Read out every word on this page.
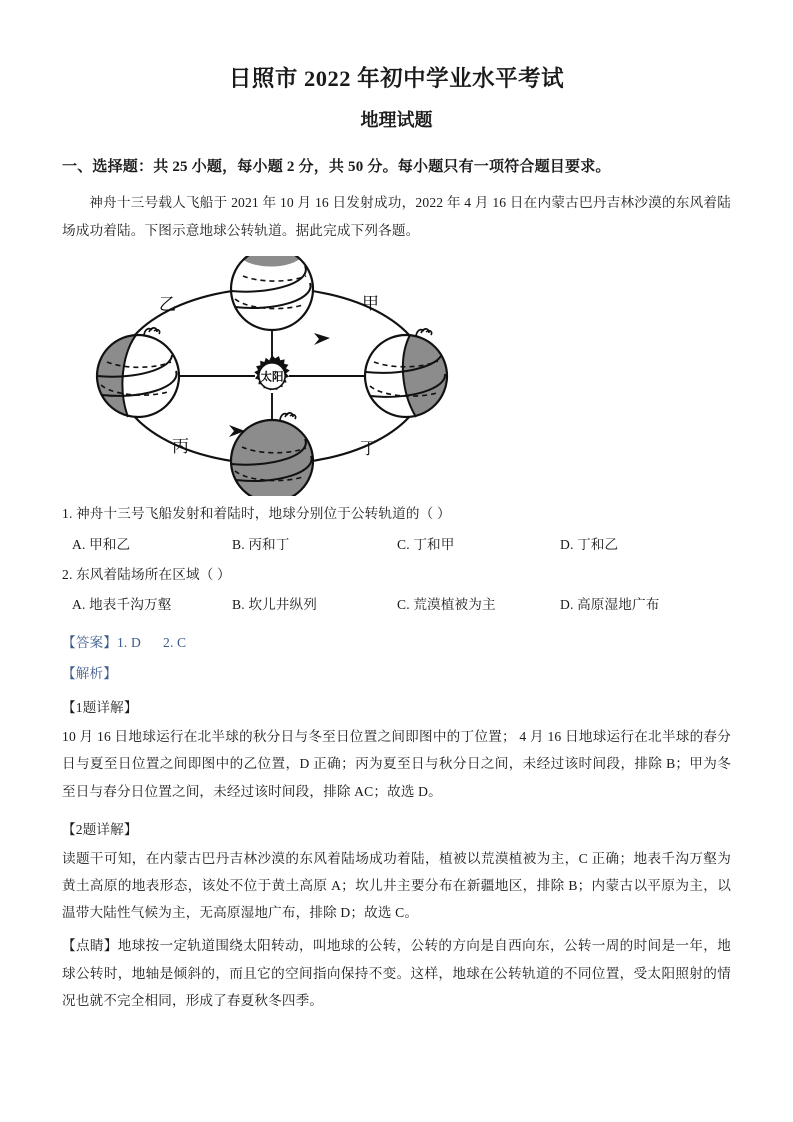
日照市 2022 年初中学业水平考试
地理试题

一、选择题：共 25 小题，每小题 2 分，共 50 分。每小题只有一项符合题目要求。

神舟十三号载人飞船于 2021 年 10 月 16 日发射成功，2022 年 4 月 16 日在内蒙古巴丹吉林沙漠的东风着陆场成功着陆。下图示意地球公转轨道。据此完成下列各题。

太阳
乙	甲
丙	丁

1. 神舟十三号飞船发射和着陆时，地球分别位于公转轨道的（ ）

A. 甲和乙	B. 丙和丁	C. 丁和甲	D. 丁和乙

2. 东风着陆场所在区域（ ）

A. 地表千沟万壑	B. 坎儿井纵列	C. 荒漠植被为主	D. 高原湿地广布

【答案】1. D 2. C

【解析】

【1题详解】

10 月 16 日地球运行在北半球的秋分日与冬至日位置之间即图中的丁位置； 4 月 16 日地球运行在北半球的春分日与夏至日位置之间即图中的乙位置，D 正确；丙为夏至日与秋分日之间，未经过该时间段，排除 B；甲为冬至日与春分日位置之间，未经过该时间段，排除 AC；故选 D。

【2题详解】

读题干可知，在内蒙古巴丹吉林沙漠的东风着陆场成功着陆，植被以荒漠植被为主，C 正确；地表千沟万壑为黄土高原的地表形态，该处不位于黄土高原 A；坎儿井主要分布在新疆地区，排除 B；内蒙古以平原为主，以温带大陆性气候为主，无高原湿地广布，排除 D；故选 C。

【点睛】地球按一定轨道围绕太阳转动，叫地球的公转，公转的方向是自西向东，公转一周的时间是一年，地球公转时，地轴是倾斜的，而且它的空间指向保持不变。这样，地球在公转轨道的不同位置，受太阳照射的情况也就不完全相同，形成了春夏秋冬四季。
